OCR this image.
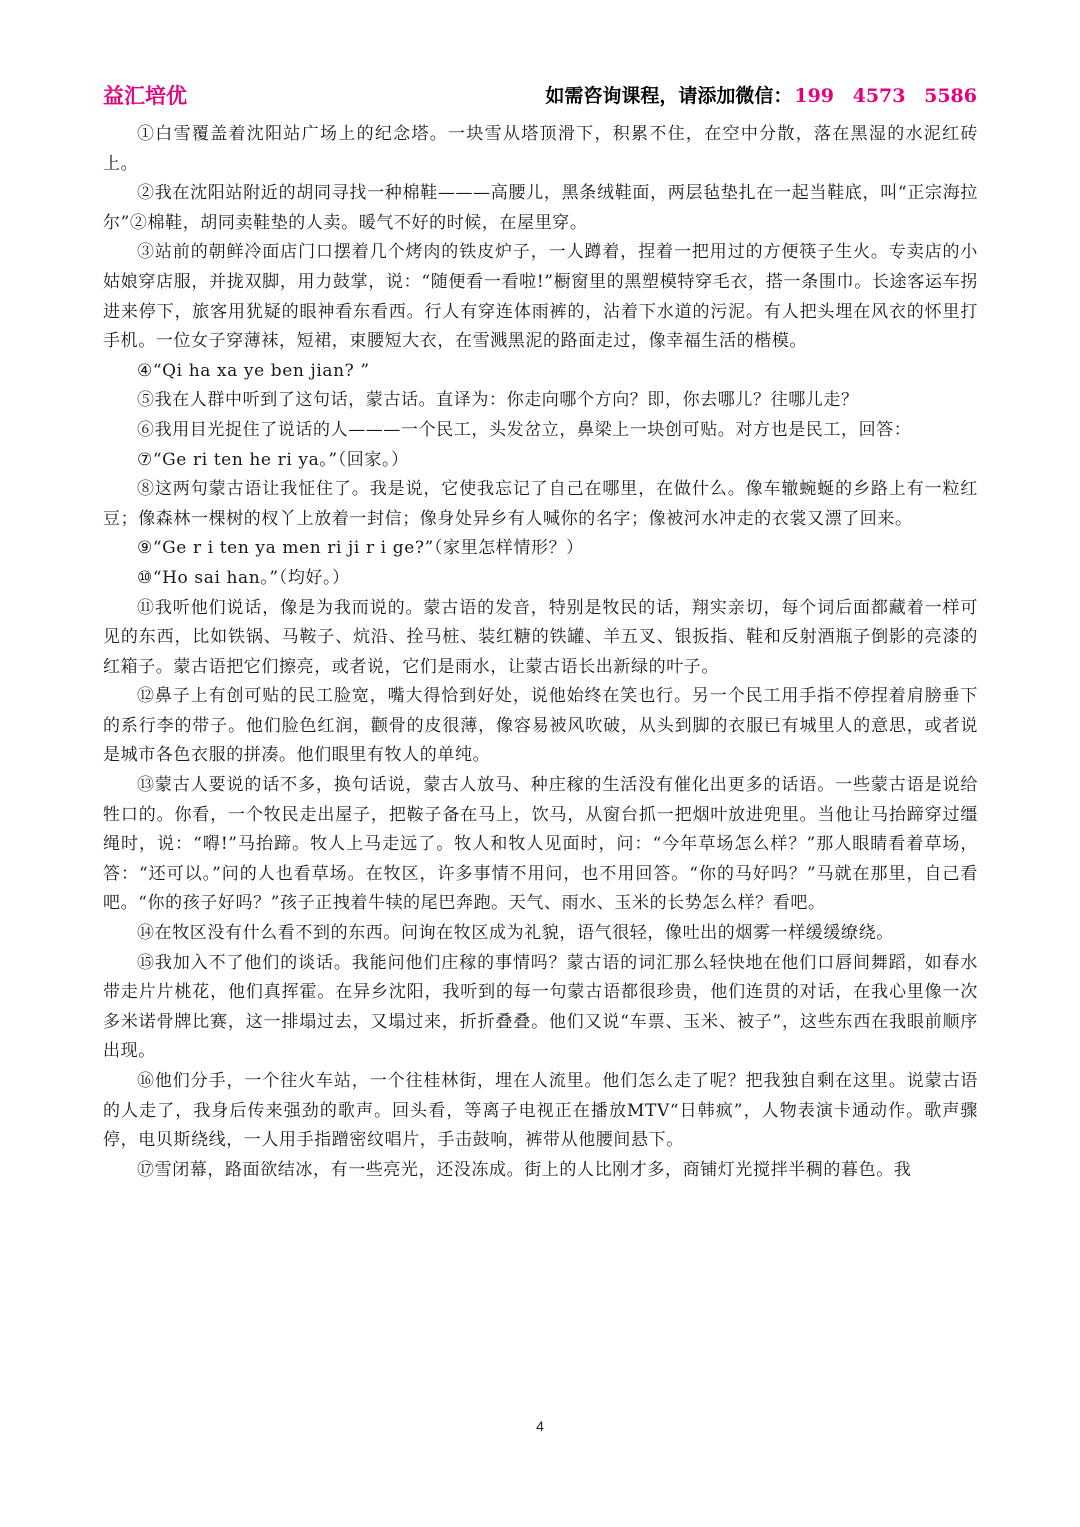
益汇培优	如需咨询课程，请添加微信： 199 4573 5586

①白雪覆盖着沈阳站广场上的纪念塔。一块雪从塔顶滑下，积累不住，在空中分散，落在黑湿的水泥红砖上。

②我在沈阳站附近的胡同寻找一种棉鞋———高腰儿，黑条绒鞋面，两层毡垫扎在一起当鞋底，叫“正宗海拉尔”②棉鞋，胡同卖鞋垫的人卖。暖气不好的时候，在屋里穿。

③站前的朝鲜冷面店门口摆着几个烤肉的铁皮炉子，一人蹲着，捏着一把用过的方便筷子生火。专卖店的小姑娘穿店服，并拢双脚，用力鼓掌，说：“随便看一看啦!”橱窗里的黑塑模特穿毛衣，搭一条围巾。长途客运车拐进来停下，旅客用犹疑的眼神看东看西。行人有穿连体雨裤的，沾着下水道的污泥。有人把头埋在风衣的怀里打手机。一位女子穿薄袜，短裙，束腰短大衣，在雪溅黑泥的路面走过，像幸福生活的楷模。

④“Qi ha xa ye ben jian? ”

⑤我在人群中听到了这句话，蒙古话。直译为：你走向哪个方向？即，你去哪儿？往哪儿走？

⑥我用目光捉住了说话的人———一个民工，头发岔立，鼻梁上一块创可贴。对方也是民工，回答：

⑦“Ge ri ten he ri ya。”（回家。）

⑧这两句蒙古语让我怔住了。我是说，它使我忘记了自己在哪里，在做什么。像车辙蜿蜒的乡路上有一粒红豆；像森林一棵树的杈丫上放着一封信；像身处异乡有人喊你的名字；像被河水冲走的衣裳又漂了回来。

⑨“Ge r i ten ya men ri ji r i ge?”（家里怎样情形？）

⑩“Ho sai han。”（均好。）

⑪我听他们说话，像是为我而说的。蒙古语的发音，特别是牧民的话，翔实亲切，每个词后面都藏着一样可见的东西，比如铁锅、马鞍子、炕沿、拴马桩、装红糖的铁罐、羊五叉、银扳指、鞋和反射酒瓶子倒影的亮漆的红箱子。蒙古语把它们擦亮，或者说，它们是雨水，让蒙古语长出新绿的叶子。

⑫鼻子上有创可贴的民工脸宽，嘴大得恰到好处，说他始终在笑也行。另一个民工用手指不停捏着肩膀垂下的系行李的带子。他们脸色红润，颧骨的皮很薄，像容易被风吹破，从头到脚的衣服已有城里人的意思，或者说是城市各色衣服的拼凑。他们眼里有牧人的单纯。

⑬蒙古人要说的话不多，换句话说，蒙古人放马、种庄稼的生活没有催化出更多的话语。一些蒙古语是说给牲口的。你看，一个牧民走出屋子，把鞍子备在马上，饮马，从窗台抓一把烟叶放进兜里。当他让马抬蹄穿过缰绳时，说：“嘚!”马抬蹄。牧人上马走远了。牧人和牧人见面时，问：“今年草场怎么样？”那人眼睛看着草场，答：“还可以。”问的人也看草场。在牧区，许多事情不用问，也不用回答。“你的马好吗？”马就在那里，自己看吧。“你的孩子好吗？”孩子正拽着牛犊的尾巴奔跑。天气、雨水、玉米的长势怎么样？看吧。

⑭在牧区没有什么看不到的东西。问询在牧区成为礼貌，语气很轻，像吐出的烟雾一样缓缓缭绕。

⑮我加入不了他们的谈话。我能问他们庄稼的事情吗？蒙古语的词汇那么轻快地在他们口唇间舞蹈，如春水带走片片桃花，他们真挥霍。在异乡沈阳，我听到的每一句蒙古语都很珍贵，他们连贯的对话，在我心里像一次多米诺骨牌比赛，这一排塌过去，又塌过来，折折叠叠。他们又说“车票、玉米、被子”，这些东西在我眼前顺序出现。

⑯他们分手，一个往火车站，一个往桂林街，埋在人流里。他们怎么走了呢？把我独自剩在这里。说蒙古语的人走了，我身后传来强劲的歌声。回头看，等离子电视正在播放MTV“日韩疯”，人物表演卡通动作。歌声骤停，电贝斯绕线，一人用手指蹭密纹唱片，手击鼓响，裤带从他腰间悬下。

⑰雪闭幕，路面欲结冰，有一些亮光，还没冻成。街上的人比刚才多，商铺灯光搅拌半稠的暮色。我

4
